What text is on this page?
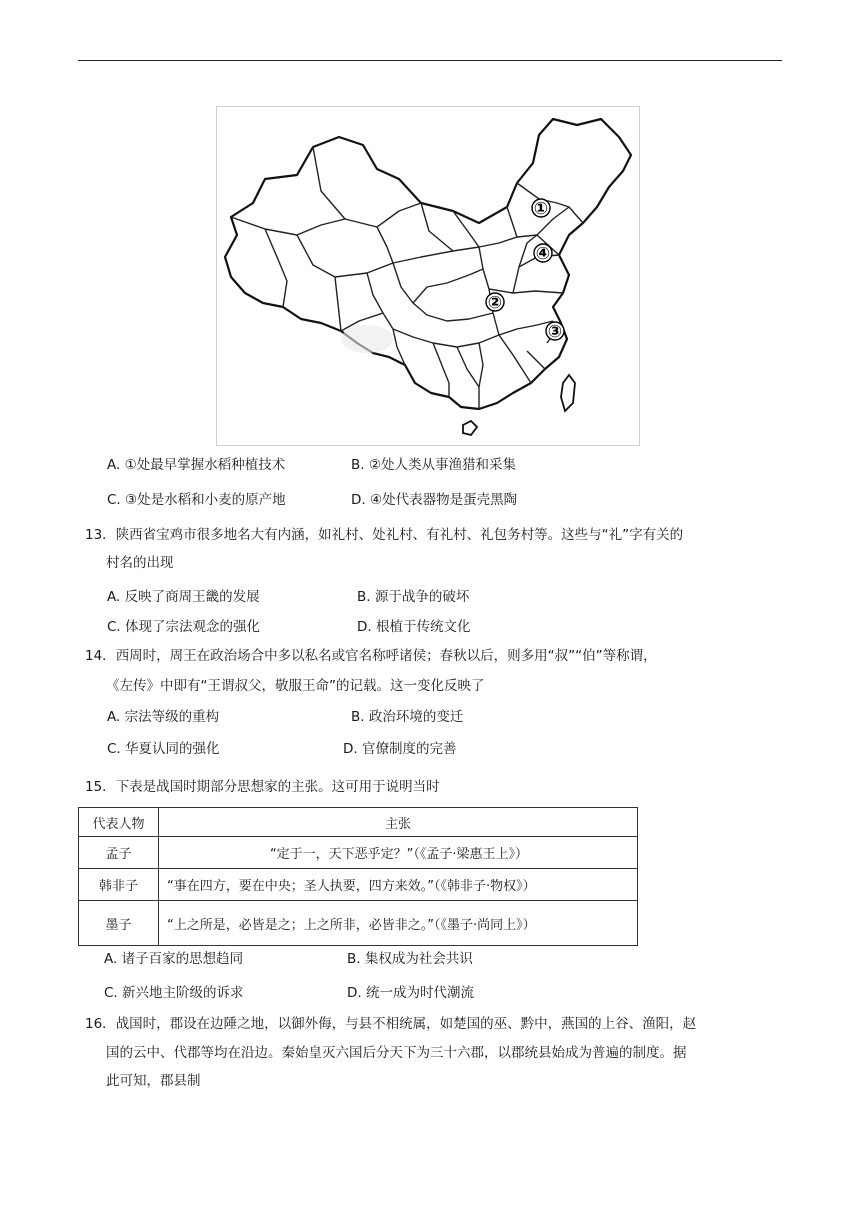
①
②
③
④
A. ①处最早掌握水稻种植技术	B. ②处人类从事渔猎和采集
C. ③处是水稻和小麦的原产地	D. ④处代表器物是蛋壳黑陶
13．陕西省宝鸡市很多地名大有内涵，如礼村、处礼村、有礼村、礼包务村等。这些与“礼”字有关的
村名的出现
A. 反映了商周王畿的发展	B. 源于战争的破坏
C. 体现了宗法观念的强化	D. 根植于传统文化
14．西周时，周王在政治场合中多以私名或官名称呼诸侯；春秋以后，则多用“叔”“伯”等称谓，
《左传》中即有“王谓叔父，敬服王命”的记载。这一变化反映了
A. 宗法等级的重构	B. 政治环境的变迁
C. 华夏认同的强化	D. 官僚制度的完善
15．下表是战国时期部分思想家的主张。这可用于说明当时
代表人物	主张
孟子	“定于一，天下恶乎定？”（《孟子·梁惠王上》）
韩非子	“事在四方，要在中央；圣人执要，四方来效。”（《韩非子·物权》）
墨子	“上之所是，必皆是之；上之所非，必皆非之。”（《墨子·尚同上》）
A. 诸子百家的思想趋同	B. 集权成为社会共识
C. 新兴地主阶级的诉求	D. 统一成为时代潮流
16．战国时，郡设在边陲之地，以御外侮，与县不相统属，如楚国的巫、黔中，燕国的上谷、渔阳，赵
国的云中、代郡等均在沿边。秦始皇灭六国后分天下为三十六郡，以郡统县始成为普遍的制度。据
此可知，郡县制
